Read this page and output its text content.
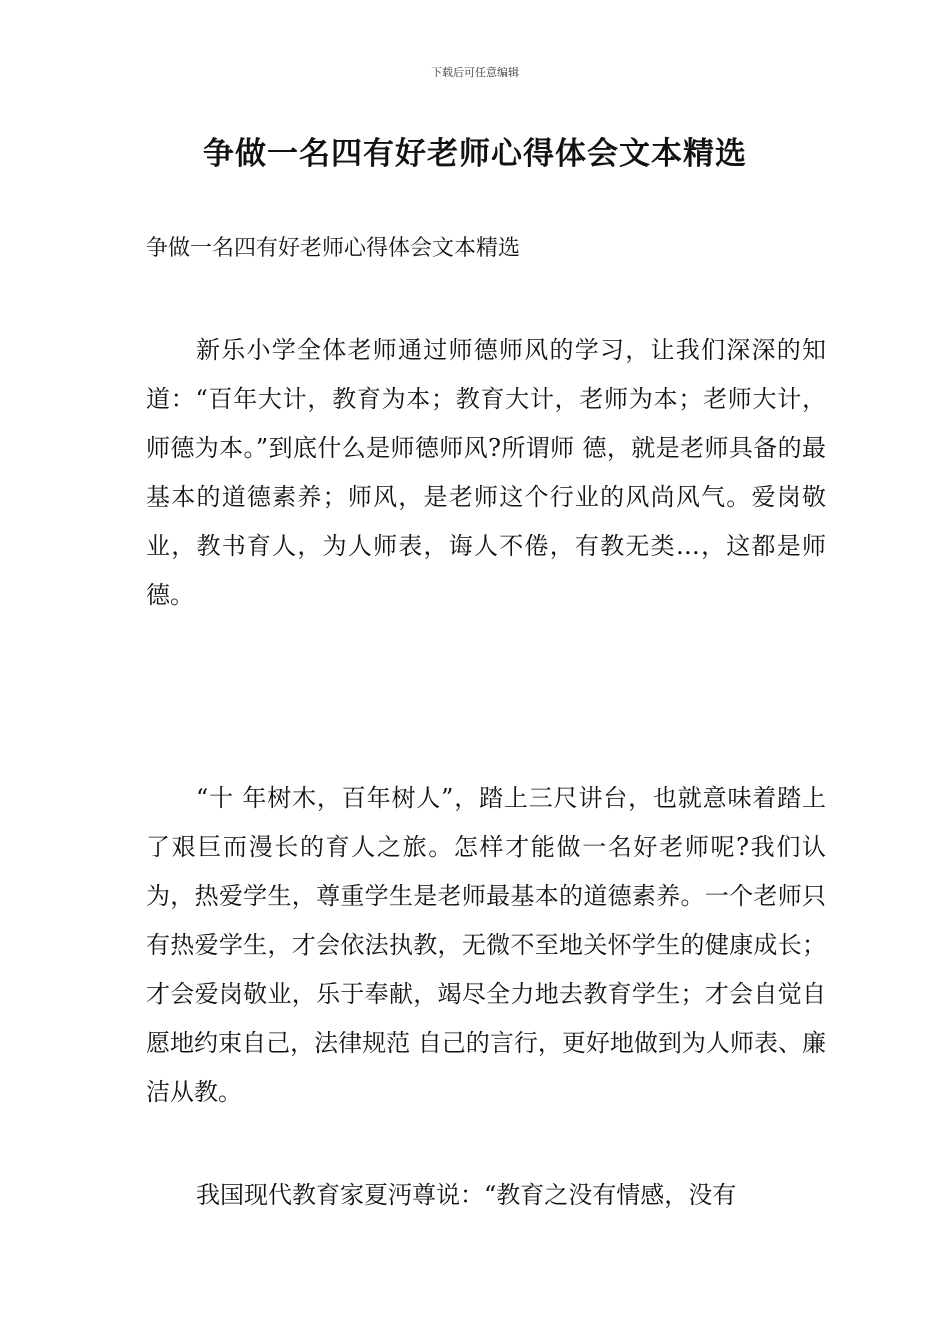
下载后可任意编辑
争做一名四有好老师心得体会文本精选
争做一名四有好老师心得体会文本精选

新乐小学全体老师通过师德师风的学习，让我们深深的知道：“百年大计，教育为本；教育大计，老师为本；老师大计，师德为本。”到底什么是师德师风?所谓师 德，就是老师具备的最基本的道德素养；师风，是老师这个行业的风尚风气。爱岗敬业，教书育人，为人师表，诲人不倦，有教无类…，这都是师德。

“十 年树木，百年树人”，踏上三尺讲台，也就意味着踏上了艰巨而漫长的育人之旅。怎样才能做一名好老师呢?我们认为，热爱学生，尊重学生是老师最基本的道德素养。一个老师只有热爱学生，才会依法执教，无微不至地关怀学生的健康成长；才会爱岗敬业，乐于奉献，竭尽全力地去教育学生；才会自觉自愿地约束自己，法律规范 自己的言行，更好地做到为人师表、廉洁从教。

我国现代教育家夏沔尊说：“教育之没有情感，没有
